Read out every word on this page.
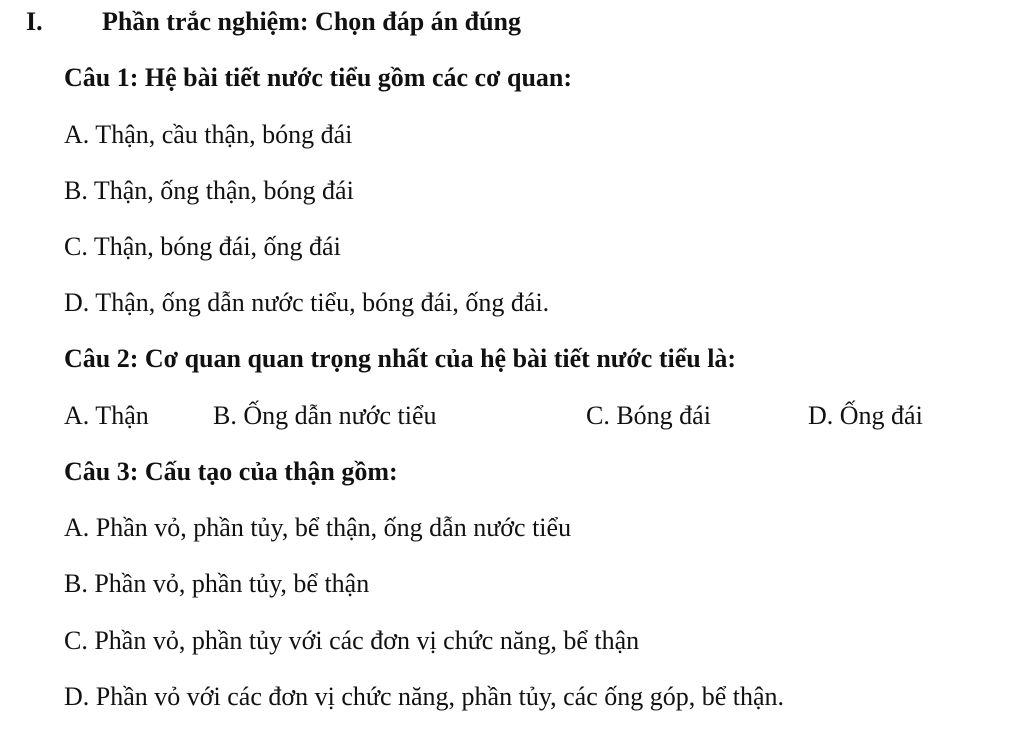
I. Phần trắc nghiệm: Chọn đáp án đúng
Câu 1: Hệ bài tiết nước tiểu gồm các cơ quan:
A. Thận, cầu thận, bóng đái
B. Thận, ống thận, bóng đái
C. Thận, bóng đái, ống đái
D. Thận, ống dẫn nước tiểu, bóng đái, ống đái.
Câu 2: Cơ quan quan trọng nhất của hệ bài tiết nước tiểu là:
A. Thận B. Ống dẫn nước tiểu	C. Bóng đái	D. Ống đái
Câu 3: Cấu tạo của thận gồm:
A. Phần vỏ, phần tủy, bể thận, ống dẫn nước tiểu
B. Phần vỏ, phần tủy, bể thận
C. Phần vỏ, phần tủy với các đơn vị chức năng, bể thận
D. Phần vỏ với các đơn vị chức năng, phần tủy, các ống góp, bể thận.
